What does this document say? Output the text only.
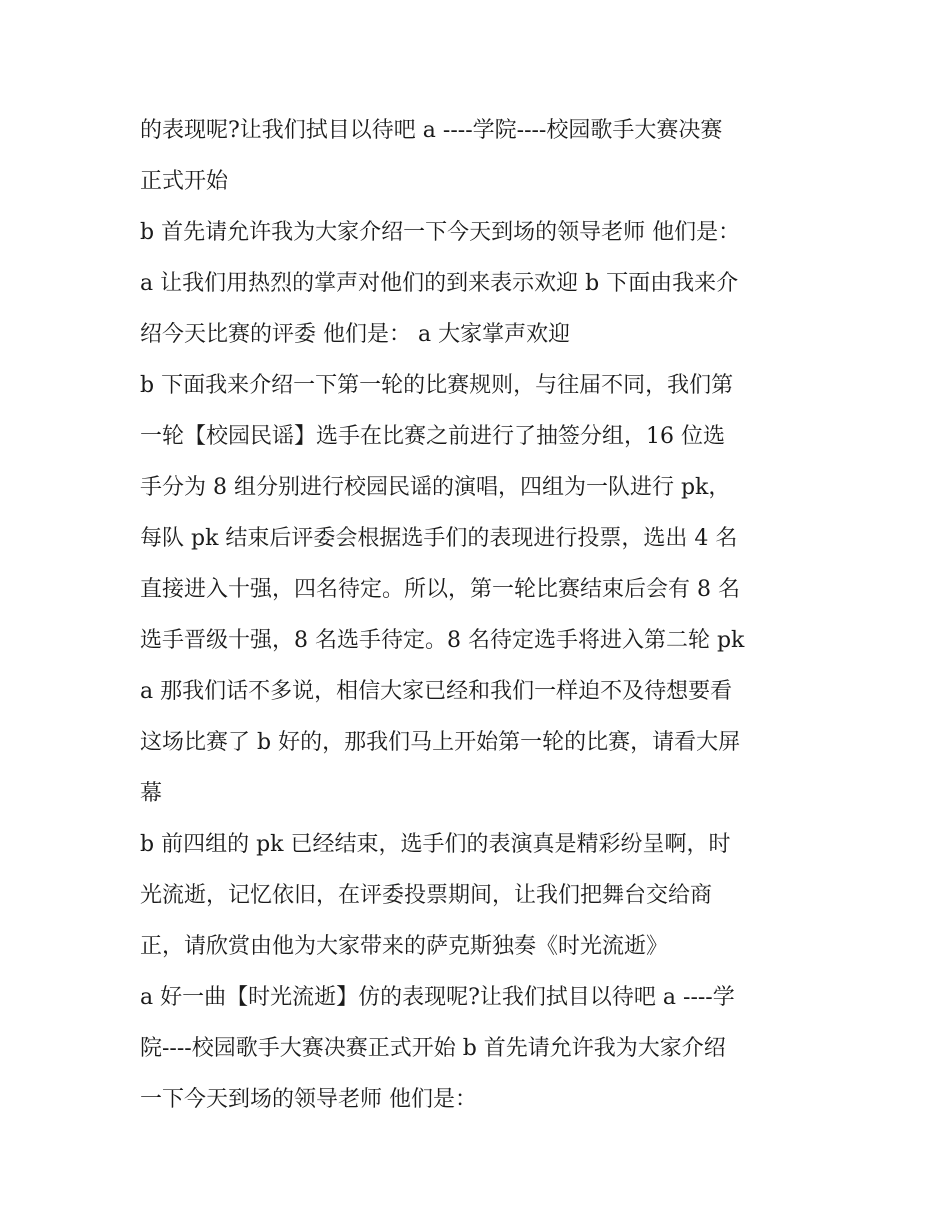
的表现呢?让我们拭目以待吧 a ----学院----校园歌手大赛决赛
正式开始
b 首先请允许我为大家介绍一下今天到场的领导老师 他们是：
a 让我们用热烈的掌声对他们的到来表示欢迎 b 下面由我来介
绍今天比赛的评委 他们是： a 大家掌声欢迎
b 下面我来介绍一下第一轮的比赛规则，与往届不同，我们第
一轮【校园民谣】选手在比赛之前进行了抽签分组，16 位选
手分为 8 组分别进行校园民谣的演唱，四组为一队进行 pk，
每队 pk 结束后评委会根据选手们的表现进行投票，选出 4 名
直接进入十强，四名待定。所以，第一轮比赛结束后会有 8 名
选手晋级十强，8 名选手待定。8 名待定选手将进入第二轮 pk
a 那我们话不多说，相信大家已经和我们一样迫不及待想要看
这场比赛了 b 好的，那我们马上开始第一轮的比赛，请看大屏
幕
b 前四组的 pk 已经结束，选手们的表演真是精彩纷呈啊，时
光流逝，记忆依旧，在评委投票期间，让我们把舞台交给商
正，请欣赏由他为大家带来的萨克斯独奏《时光流逝》
a 好一曲【时光流逝】仿的表现呢?让我们拭目以待吧 a ----学
院----校园歌手大赛决赛正式开始 b 首先请允许我为大家介绍
一下今天到场的领导老师 他们是：
